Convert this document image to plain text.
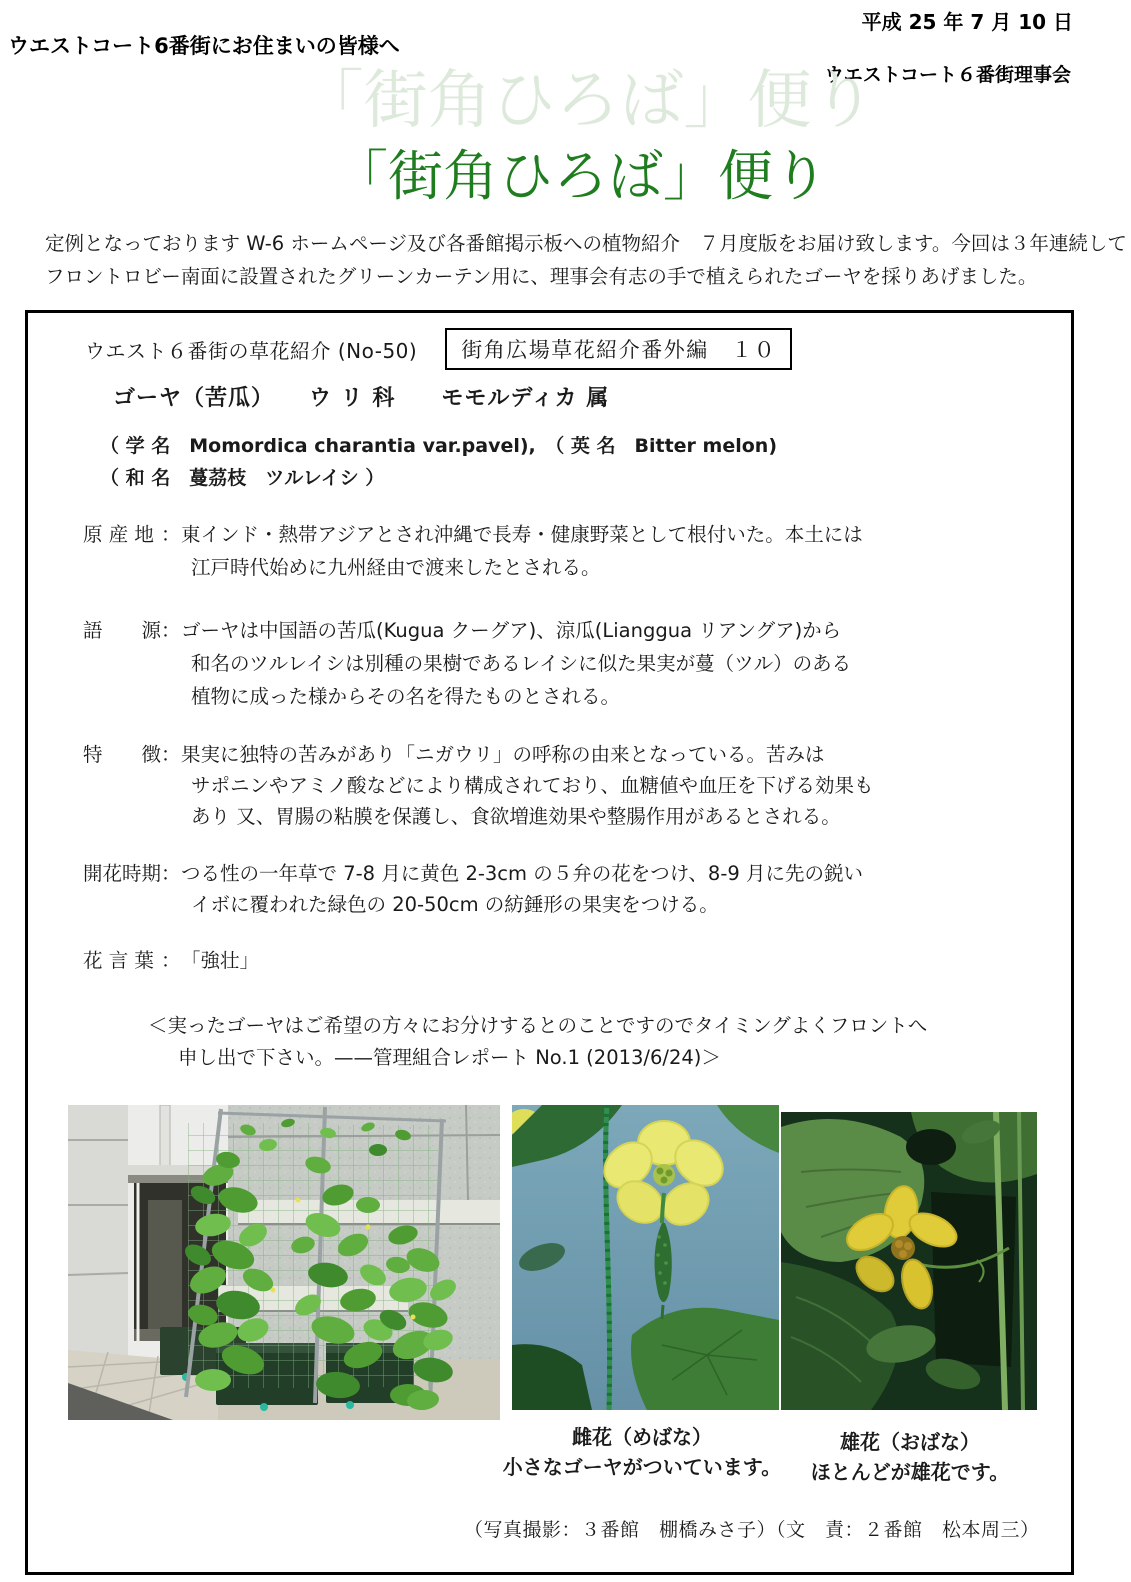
平成 25 年 7 月 10 日
ウエストコート6番街にお住まいの皆様へ
ウエストコート６番街理事会
「街角ひろば」便り
「街角ひろば」便り
定例となっております W-6 ホームページ及び各番館掲示板への植物紹介　７月度版をお届け致します。今回は３年連続して
フロントロビー南面に設置されたグリーンカーテン用に、理事会有志の手で植えられたゴーヤを採りあげました。
ウエスト６番街の草花紹介 (No-50)	街角広場草花紹介番外編　１０
ゴーヤ（苦瓜）　　ウ リ 科　　モモルディカ 属
（ 学 名　Momordica charantia var.pavel),　（ 英 名　Bitter melon)
（ 和 名　蔓茘枝　ツルレイシ ）
原 産 地 ：東インド・熱帯アジアとされ沖縄で長寿・健康野菜として根付いた。本土には
江戸時代始めに九州経由で渡来したとされる。
語　　源：ゴーヤは中国語の苦瓜(Kugua クーグア)、涼瓜(Lianggua リアングア)から
和名のツルレイシは別種の果樹であるレイシに似た果実が蔓（ツル）のある
植物に成った様からその名を得たものとされる。
特　　徴：果実に独特の苦みがあり「ニガウリ」の呼称の由来となっている。苦みは
サポニンやアミノ酸などにより構成されており、血糖値や血圧を下げる効果も
あり 又、胃腸の粘膜を保護し、食欲増進効果や整腸作用があるとされる。
開花時期：つる性の一年草で 7-8 月に黄色 2-3cm の５弁の花をつけ、8-9 月に先の鋭い
イボに覆われた緑色の 20-50cm の紡錘形の果実をつける。
花 言 葉 ：「強壮」
＜実ったゴーヤはご希望の方々にお分けするとのことですのでタイミングよくフロントへ
申し出で下さい。——管理組合レポート No.1 (2013/6/24)＞
雌花（めばな）
小さなゴーヤがついています。
雄花（おばな）
ほとんどが雄花です。
（写真撮影：３番館　棚橋みさ子）（文　責：２番館　松本周三）
